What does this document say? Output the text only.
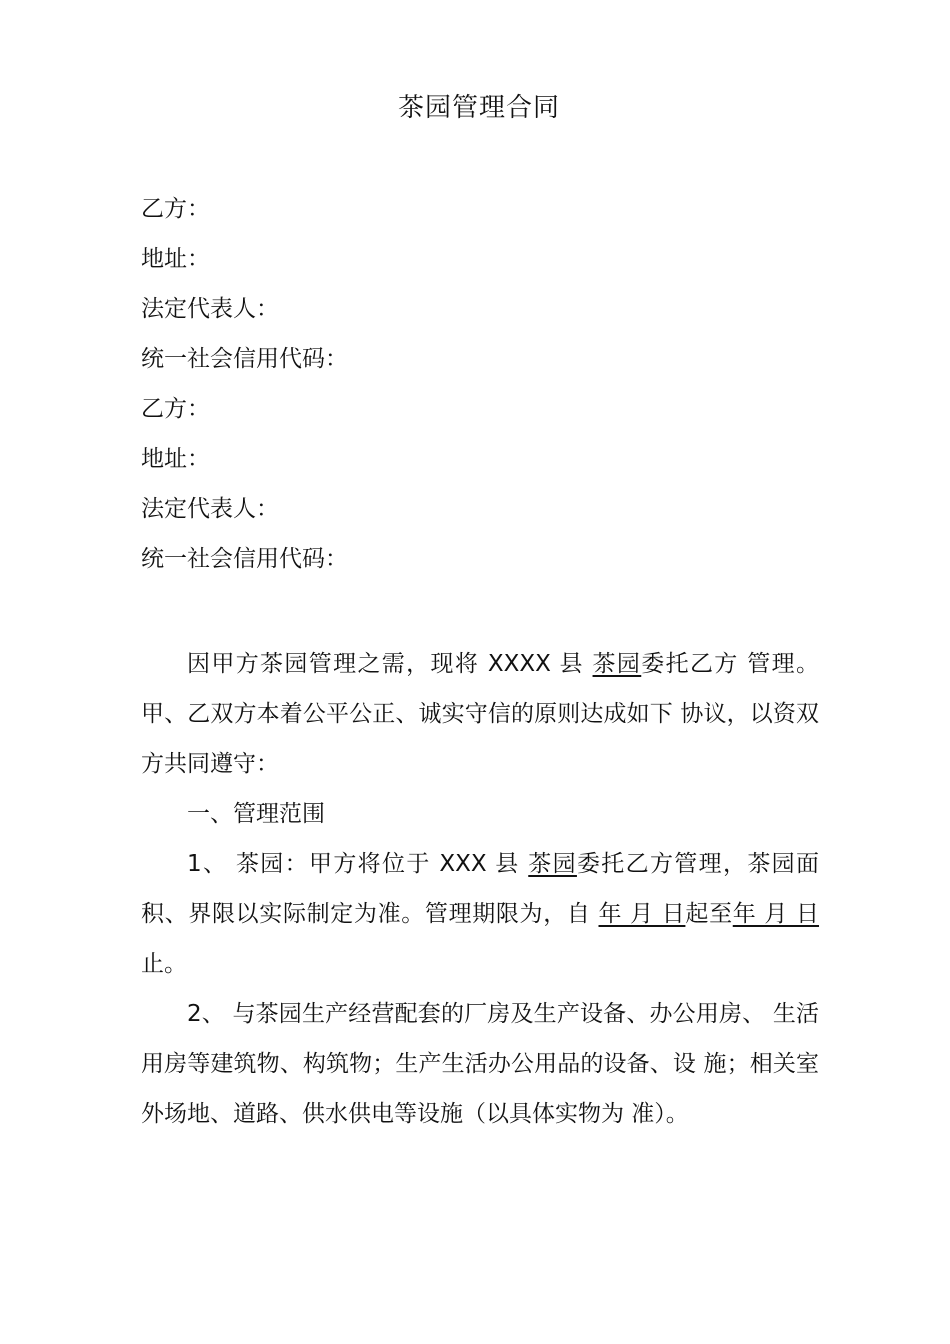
茶园管理合同
乙方：
地址：
法定代表人：
统一社会信用代码：
乙方：
地址：
法定代表人：
统一社会信用代码：

因甲方茶园管理之需，现将 XXXX 县 茶园委托乙方 管理。甲、乙双方本着公平公正、诚实守信的原则达成如下 协议，以资双方共同遵守：

一、管理范围

1、 茶园：甲方将位于 XXX 县 茶园委托乙方管理，茶园面积、界限以实际制定为准。管理期限为，自 年 月 日起至年 月 日止。

2、 与茶园生产经营配套的厂房及生产设备、办公用房、 生活用房等建筑物、构筑物；生产生活办公用品的设备、设 施；相关室外场地、道路、供水供电等设施（以具体实物为 准）。
